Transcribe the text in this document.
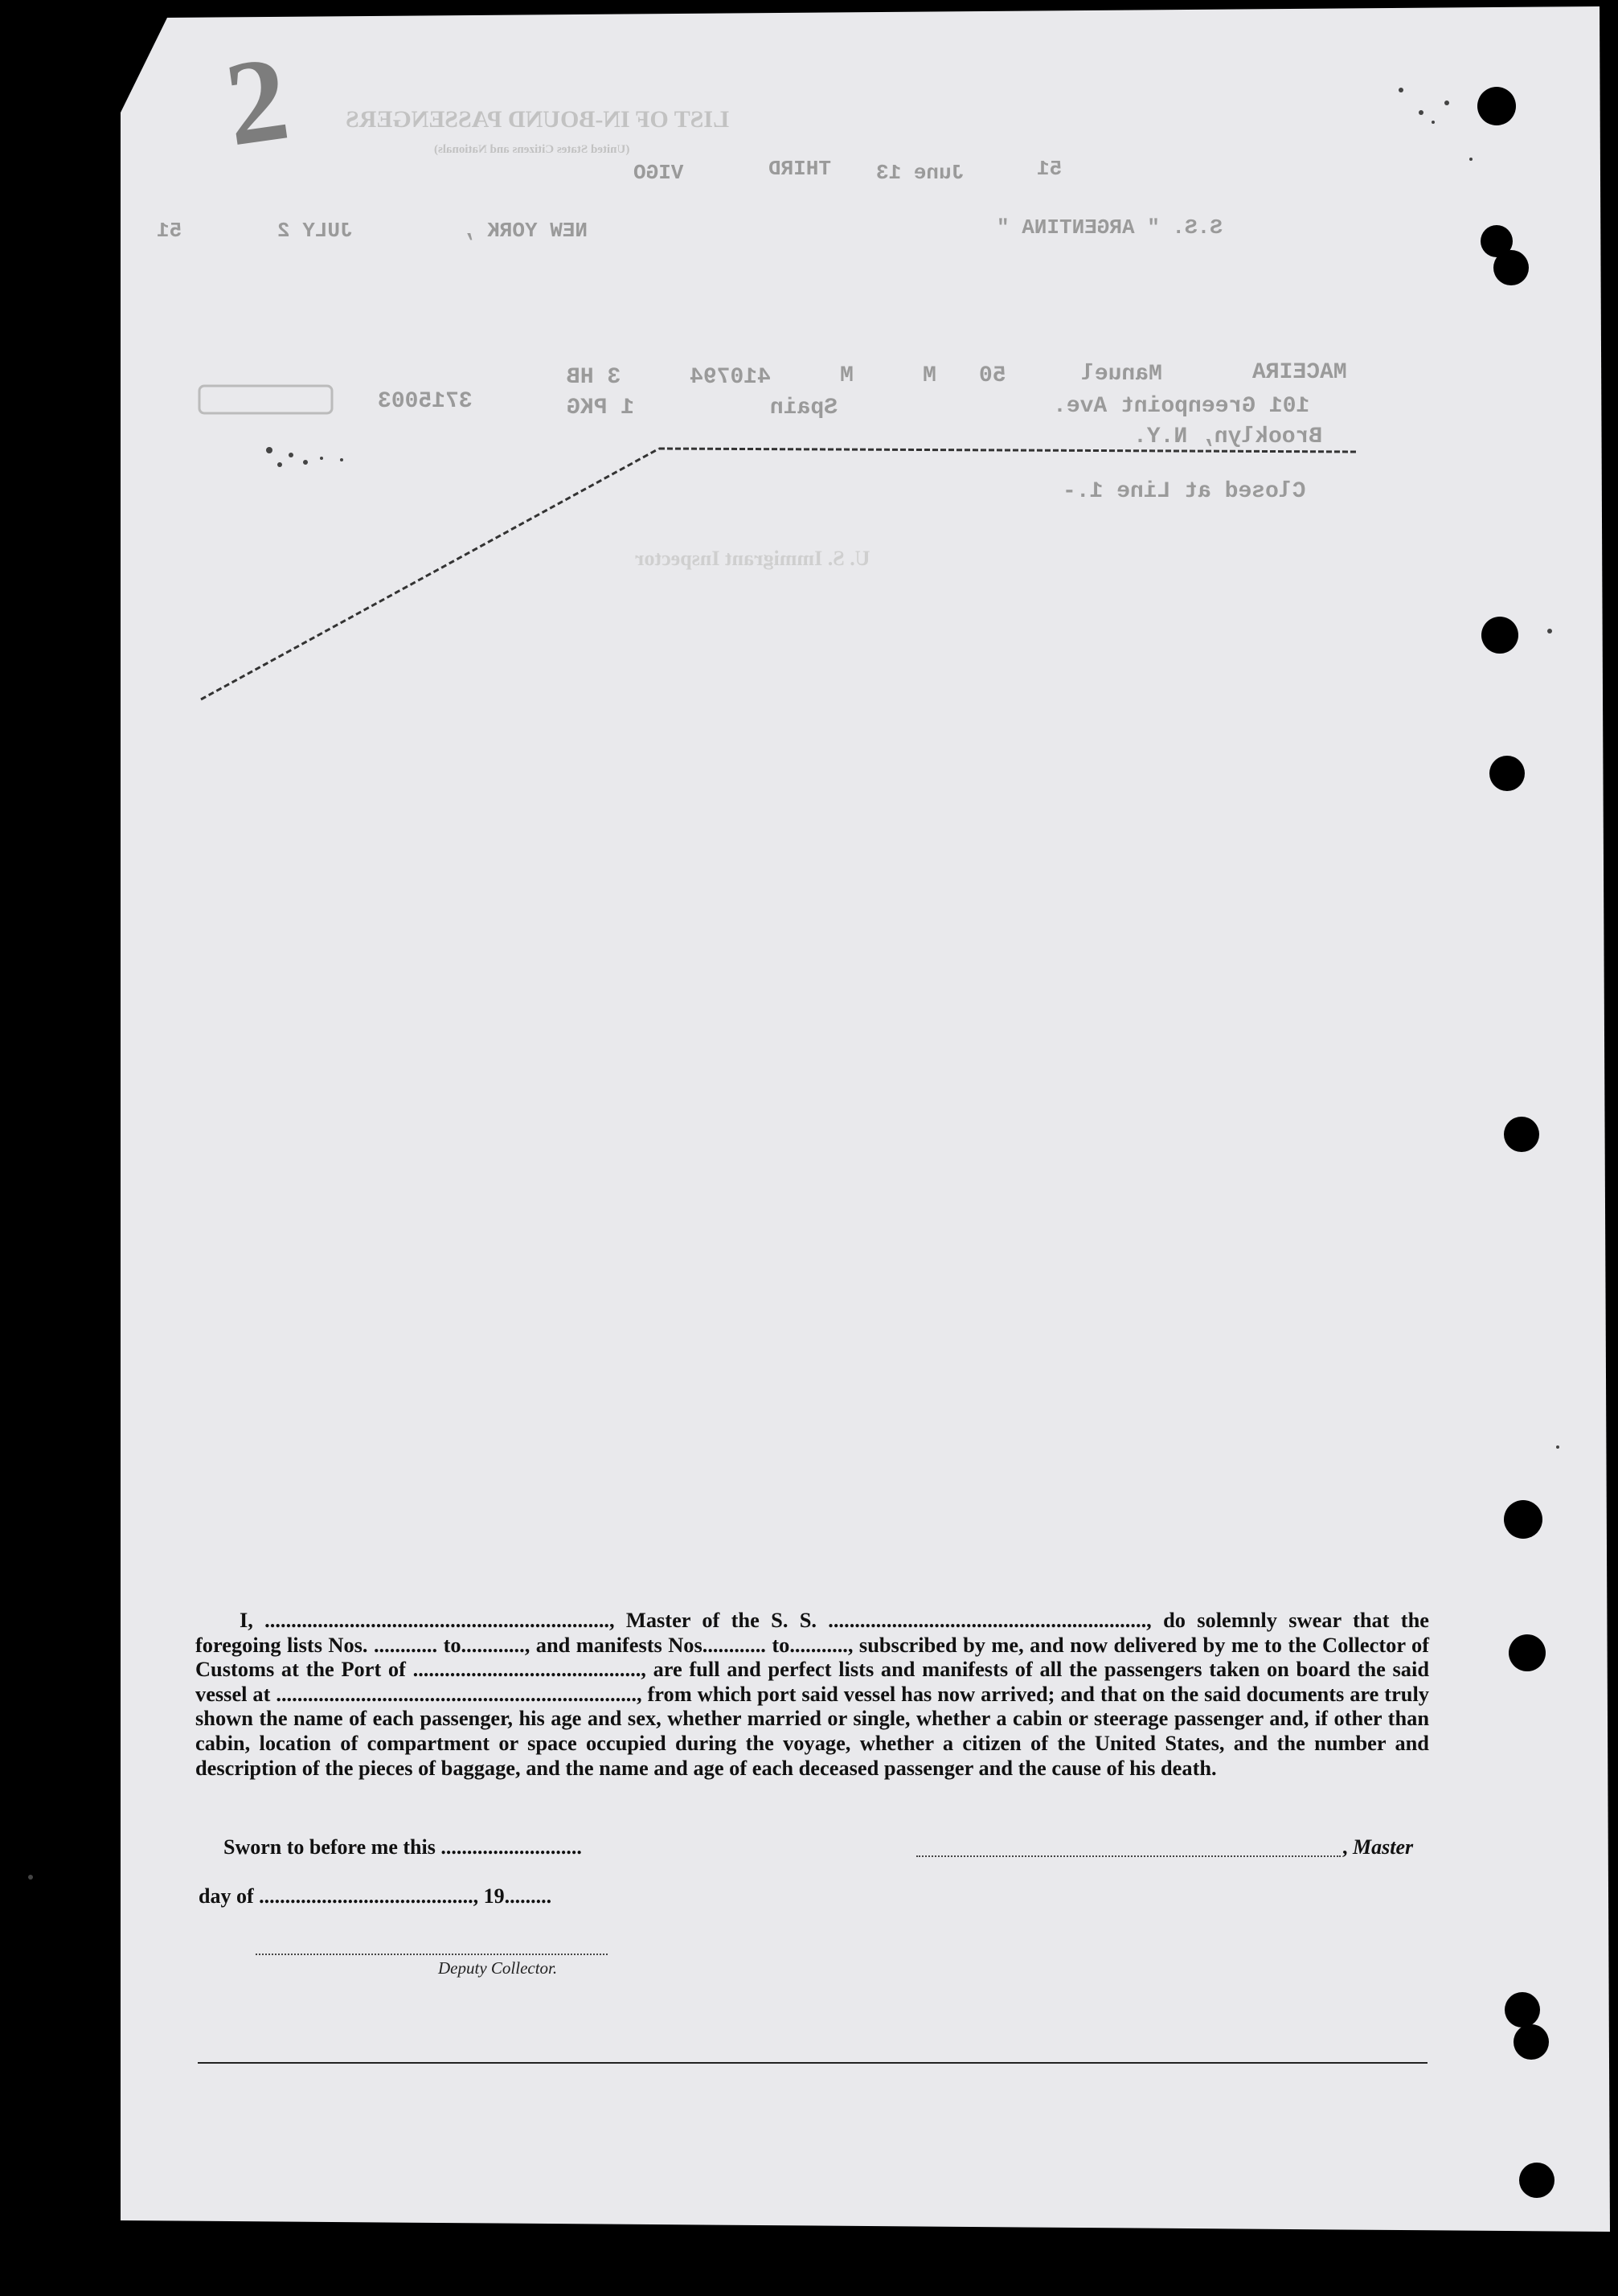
2 LIST OF IN-BOUND PASSENGERS
(United States Citizens and Nationals)
THIRD	51
June 13
VIGO
S.S. " ARGENTINA "
NEW YORK ,
JULY 2
51
MACEIRA
Manuel
50
M
M
410794
3 HB
101 Greenpoint Ave.
Spain
1 PKG
3715003
Brooklyn, N.Y.
Closed at Line 1.-
U. S. Immigrant Inspector

I, ................................................................., Master of the S. S. ............................................................, do solemnly swear that the foregoing lists Nos. ............ to............, and manifests Nos............ to..........., subscribed by me, and now delivered by me to the Collector of Customs at the Port of ..........................................., are full and perfect lists and manifests of all the passengers taken on board the said vessel at ...................................................................., from which port said vessel has now arrived; and that on the said documents are truly shown the name of each passenger, his age and sex, whether married or single, whether a cabin or steerage passenger and, if other than cabin, location of compartment or space occupied during the voyage, whether a citizen of the United States, and the number and description of the pieces of baggage, and the name and age of each deceased passenger and the cause of his death.

Sworn to before me this ...........................	, Master
day of ........................................., 19.........
Deputy Collector.
